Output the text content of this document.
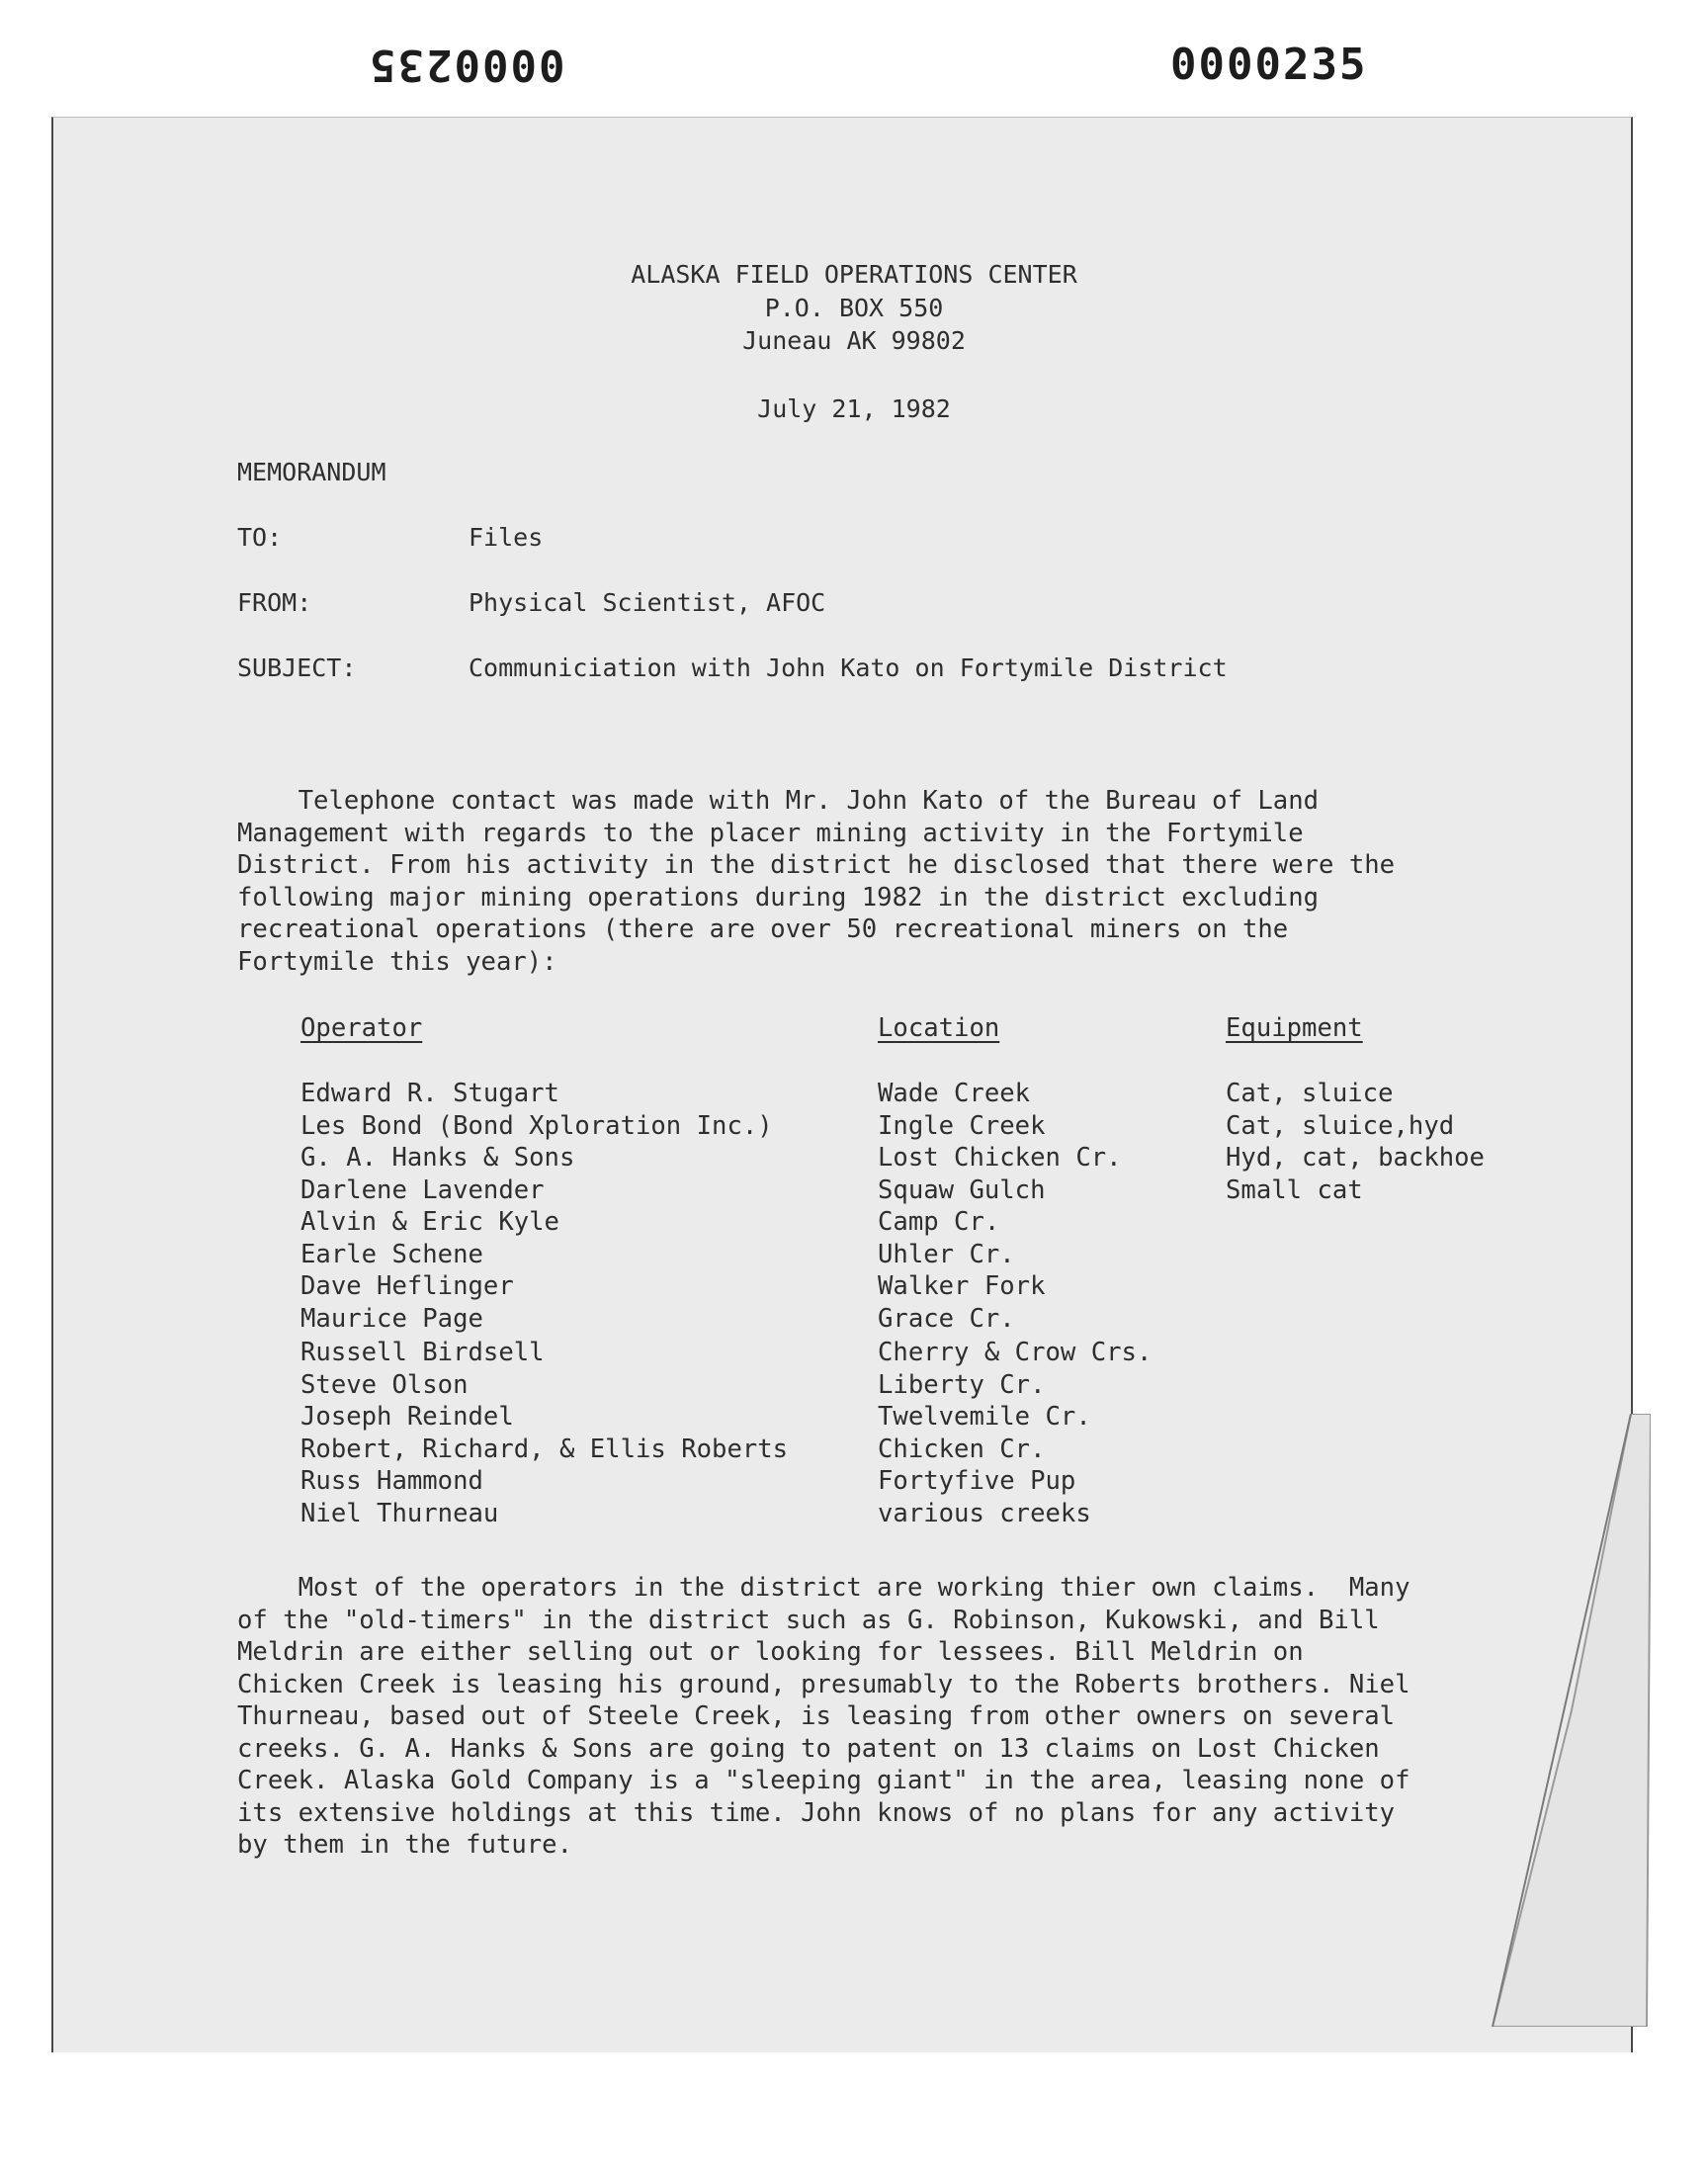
0000235	0000235
ALASKA FIELD OPERATIONS CENTER
P.O. BOX 550
Juneau AK 99802
July 21, 1982
MEMORANDUM
TO:	Files
FROM:	Physical Scientist, AFOC
SUBJECT:	Communiciation with John Kato on Fortymile District
Telephone contact was made with Mr. John Kato of the Bureau of Land
Management with regards to the placer mining activity in the Fortymile
District. From his activity in the district he disclosed that there were the
following major mining operations during 1982 in the district excluding
recreational operations (there are over 50 recreational miners on the
Fortymile this year):
Operator	Location	Equipment
Edward R. Stugart	Wade Creek	Cat, sluice
Les Bond (Bond Xploration Inc.)	Ingle Creek	Cat, sluice,hyd
G. A. Hanks & Sons	Lost Chicken Cr.	Hyd, cat, backhoe
Darlene Lavender	Squaw Gulch	Small cat
Alvin & Eric Kyle	Camp Cr.
Earle Schene	Uhler Cr.
Dave Heflinger	Walker Fork
Maurice Page	Grace Cr.
Russell Birdsell	Cherry & Crow Crs.
Steve Olson	Liberty Cr.
Joseph Reindel	Twelvemile Cr.
Robert, Richard, & Ellis Roberts	Chicken Cr.
Russ Hammond	Fortyfive Pup
Niel Thurneau	various creeks
Most of the operators in the district are working thier own claims.  Many
of the "old-timers" in the district such as G. Robinson, Kukowski, and Bill
Meldrin are either selling out or looking for lessees. Bill Meldrin on
Chicken Creek is leasing his ground, presumably to the Roberts brothers. Niel
Thurneau, based out of Steele Creek, is leasing from other owners on several
creeks. G. A. Hanks & Sons are going to patent on 13 claims on Lost Chicken
Creek. Alaska Gold Company is a "sleeping giant" in the area, leasing none of
its extensive holdings at this time. John knows of no plans for any activity
by them in the future.
